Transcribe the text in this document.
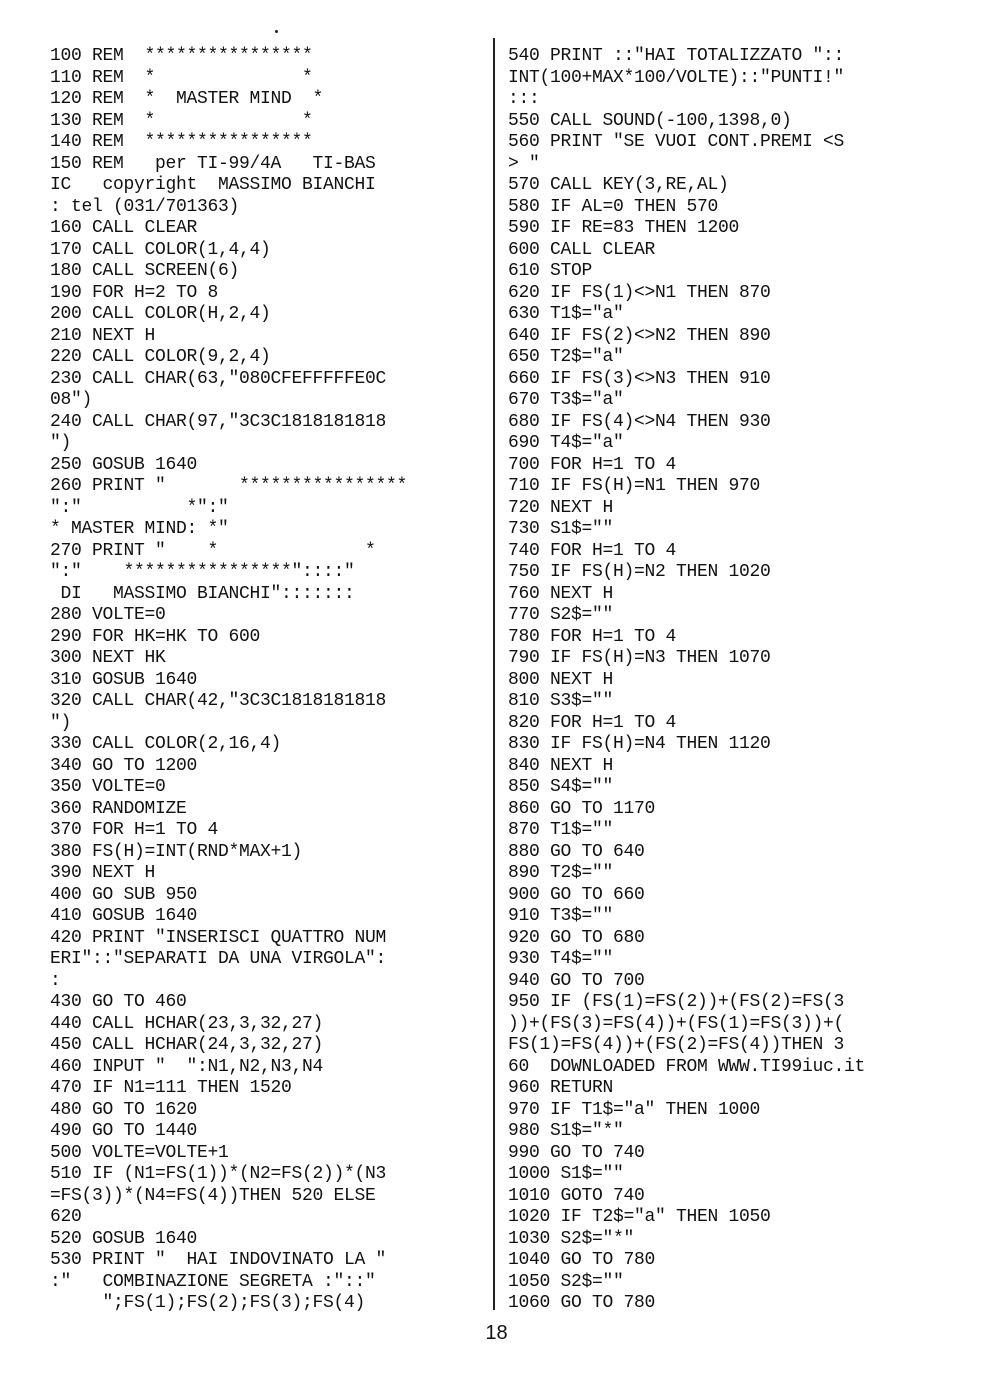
100 REM  ****************
110 REM  *              *
120 REM  *  MASTER MIND  *
130 REM  *              *
140 REM  ****************
150 REM   per TI-99/4A   TI-BAS
IC   copyright  MASSIMO BIANCHI
: tel (031/701363)
160 CALL CLEAR
170 CALL COLOR(1,4,4)
180 CALL SCREEN(6)
190 FOR H=2 TO 8
200 CALL COLOR(H,2,4)
210 NEXT H
220 CALL COLOR(9,2,4)
230 CALL CHAR(63,"080CFEFFFFFE0C
08")
240 CALL CHAR(97,"3C3C1818181818
")
250 GOSUB 1640
260 PRINT "       ****************
":"          *":"
* MASTER MIND: *"
270 PRINT "    *              *
":"    ****************"::::"
DI   MASSIMO BIANCHI":::::::
280 VOLTE=0
290 FOR HK=HK TO 600
300 NEXT HK
310 GOSUB 1640
320 CALL CHAR(42,"3C3C1818181818
")
330 CALL COLOR(2,16,4)
340 GO TO 1200
350 VOLTE=0
360 RANDOMIZE
370 FOR H=1 TO 4
380 FS(H)=INT(RND*MAX+1)
390 NEXT H
400 GO SUB 950
410 GOSUB 1640
420 PRINT "INSERISCI QUATTRO NUM
ERI"::"SEPARATI DA UNA VIRGOLA":
:
430 GO TO 460
440 CALL HCHAR(23,3,32,27)
450 CALL HCHAR(24,3,32,27)
460 INPUT "  ":N1,N2,N3,N4
470 IF N1=111 THEN 1520
480 GO TO 1620
490 GO TO 1440
500 VOLTE=VOLTE+1
510 IF (N1=FS(1))*(N2=FS(2))*(N3
=FS(3))*(N4=FS(4))THEN 520 ELSE
620
520 GOSUB 1640
530 PRINT "  HAI INDOVINATO LA "
:"   COMBINAZIONE SEGRETA :"::"
";FS(1);FS(2);FS(3);FS(4)
540 PRINT ::"HAI TOTALIZZATO "::
INT(100+MAX*100/VOLTE)::"PUNTI!"
:::
550 CALL SOUND(-100,1398,0)
560 PRINT "SE VUOI CONT.PREMI <S
> "
570 CALL KEY(3,RE,AL)
580 IF AL=0 THEN 570
590 IF RE=83 THEN 1200
600 CALL CLEAR
610 STOP
620 IF FS(1)<>N1 THEN 870
630 T1$="a"
640 IF FS(2)<>N2 THEN 890
650 T2$="a"
660 IF FS(3)<>N3 THEN 910
670 T3$="a"
680 IF FS(4)<>N4 THEN 930
690 T4$="a"
700 FOR H=1 TO 4
710 IF FS(H)=N1 THEN 970
720 NEXT H
730 S1$=""
740 FOR H=1 TO 4
750 IF FS(H)=N2 THEN 1020
760 NEXT H
770 S2$=""
780 FOR H=1 TO 4
790 IF FS(H)=N3 THEN 1070
800 NEXT H
810 S3$=""
820 FOR H=1 TO 4
830 IF FS(H)=N4 THEN 1120
840 NEXT H
850 S4$=""
860 GO TO 1170
870 T1$=""
880 GO TO 640
890 T2$=""
900 GO TO 660
910 T3$=""
920 GO TO 680
930 T4$=""
940 GO TO 700
950 IF (FS(1)=FS(2))+(FS(2)=FS(3
))+(FS(3)=FS(4))+(FS(1)=FS(3))+(
FS(1)=FS(4))+(FS(2)=FS(4))THEN 3
60  DOWNLOADED FROM WWW.TI99iuc.it
960 RETURN
970 IF T1$="a" THEN 1000
980 S1$="*"
990 GO TO 740
1000 S1$=""
1010 GOTO 740
1020 IF T2$="a" THEN 1050
1030 S2$="*"
1040 GO TO 780
1050 S2$=""
1060 GO TO 780
18
